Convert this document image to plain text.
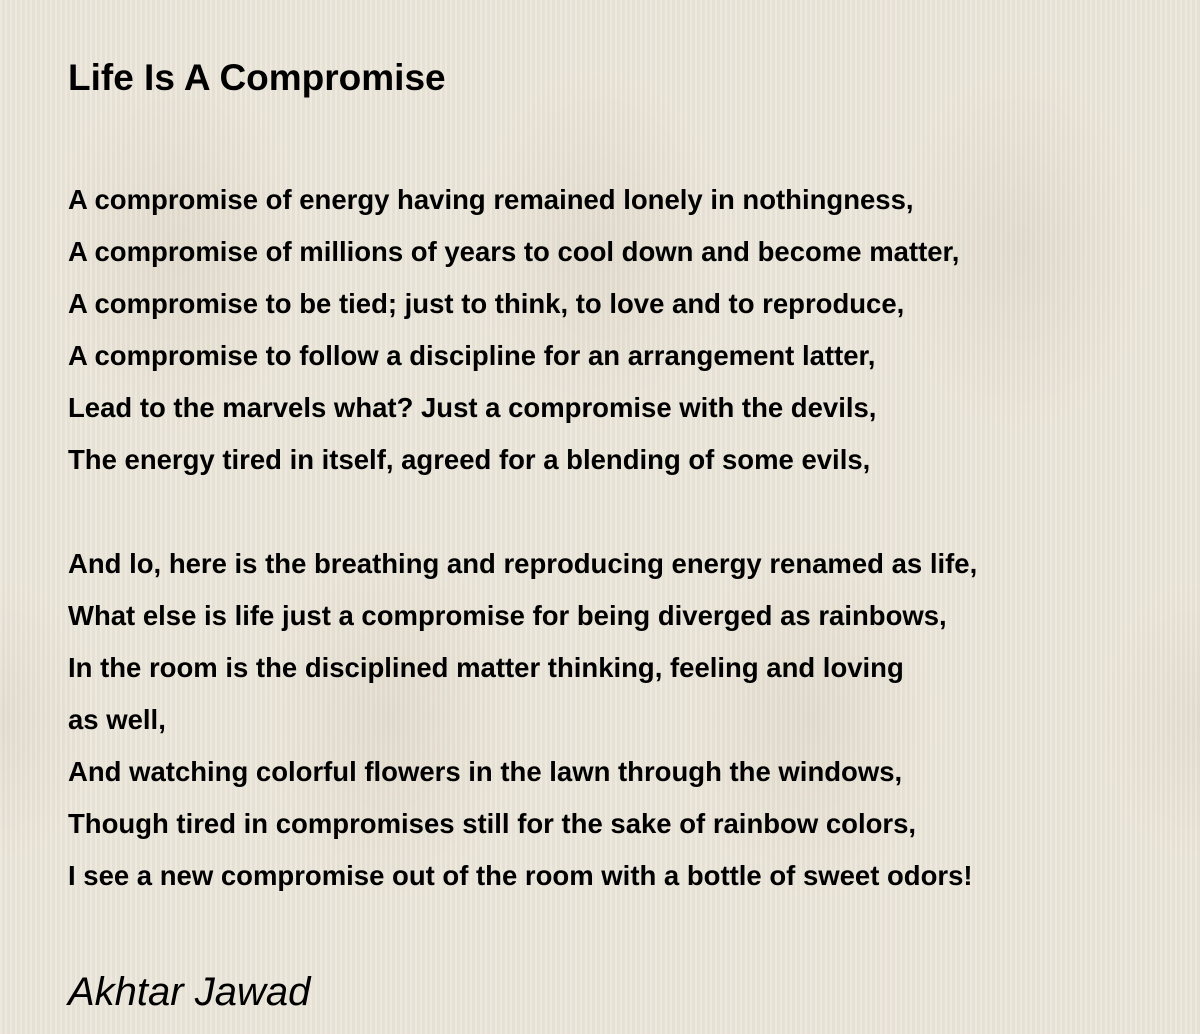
Life Is A Compromise
A compromise of energy having remained lonely in nothingness,
A compromise of millions of years to cool down and become matter,
A compromise to be tied; just to think, to love and to reproduce,
A compromise to follow a discipline for an arrangement latter,
Lead to the marvels what? Just a compromise with the devils,
The energy tired in itself, agreed for a blending of some evils,
And lo, here is the breathing and reproducing energy renamed as life,
What else is life just a compromise for being diverged as rainbows,
In the room is the disciplined matter thinking, feeling and loving
as well,
And watching colorful flowers in the lawn through the windows,
Though tired in compromises still for the sake of rainbow colors,
I see a new compromise out of the room with a bottle of sweet odors!
Akhtar Jawad
